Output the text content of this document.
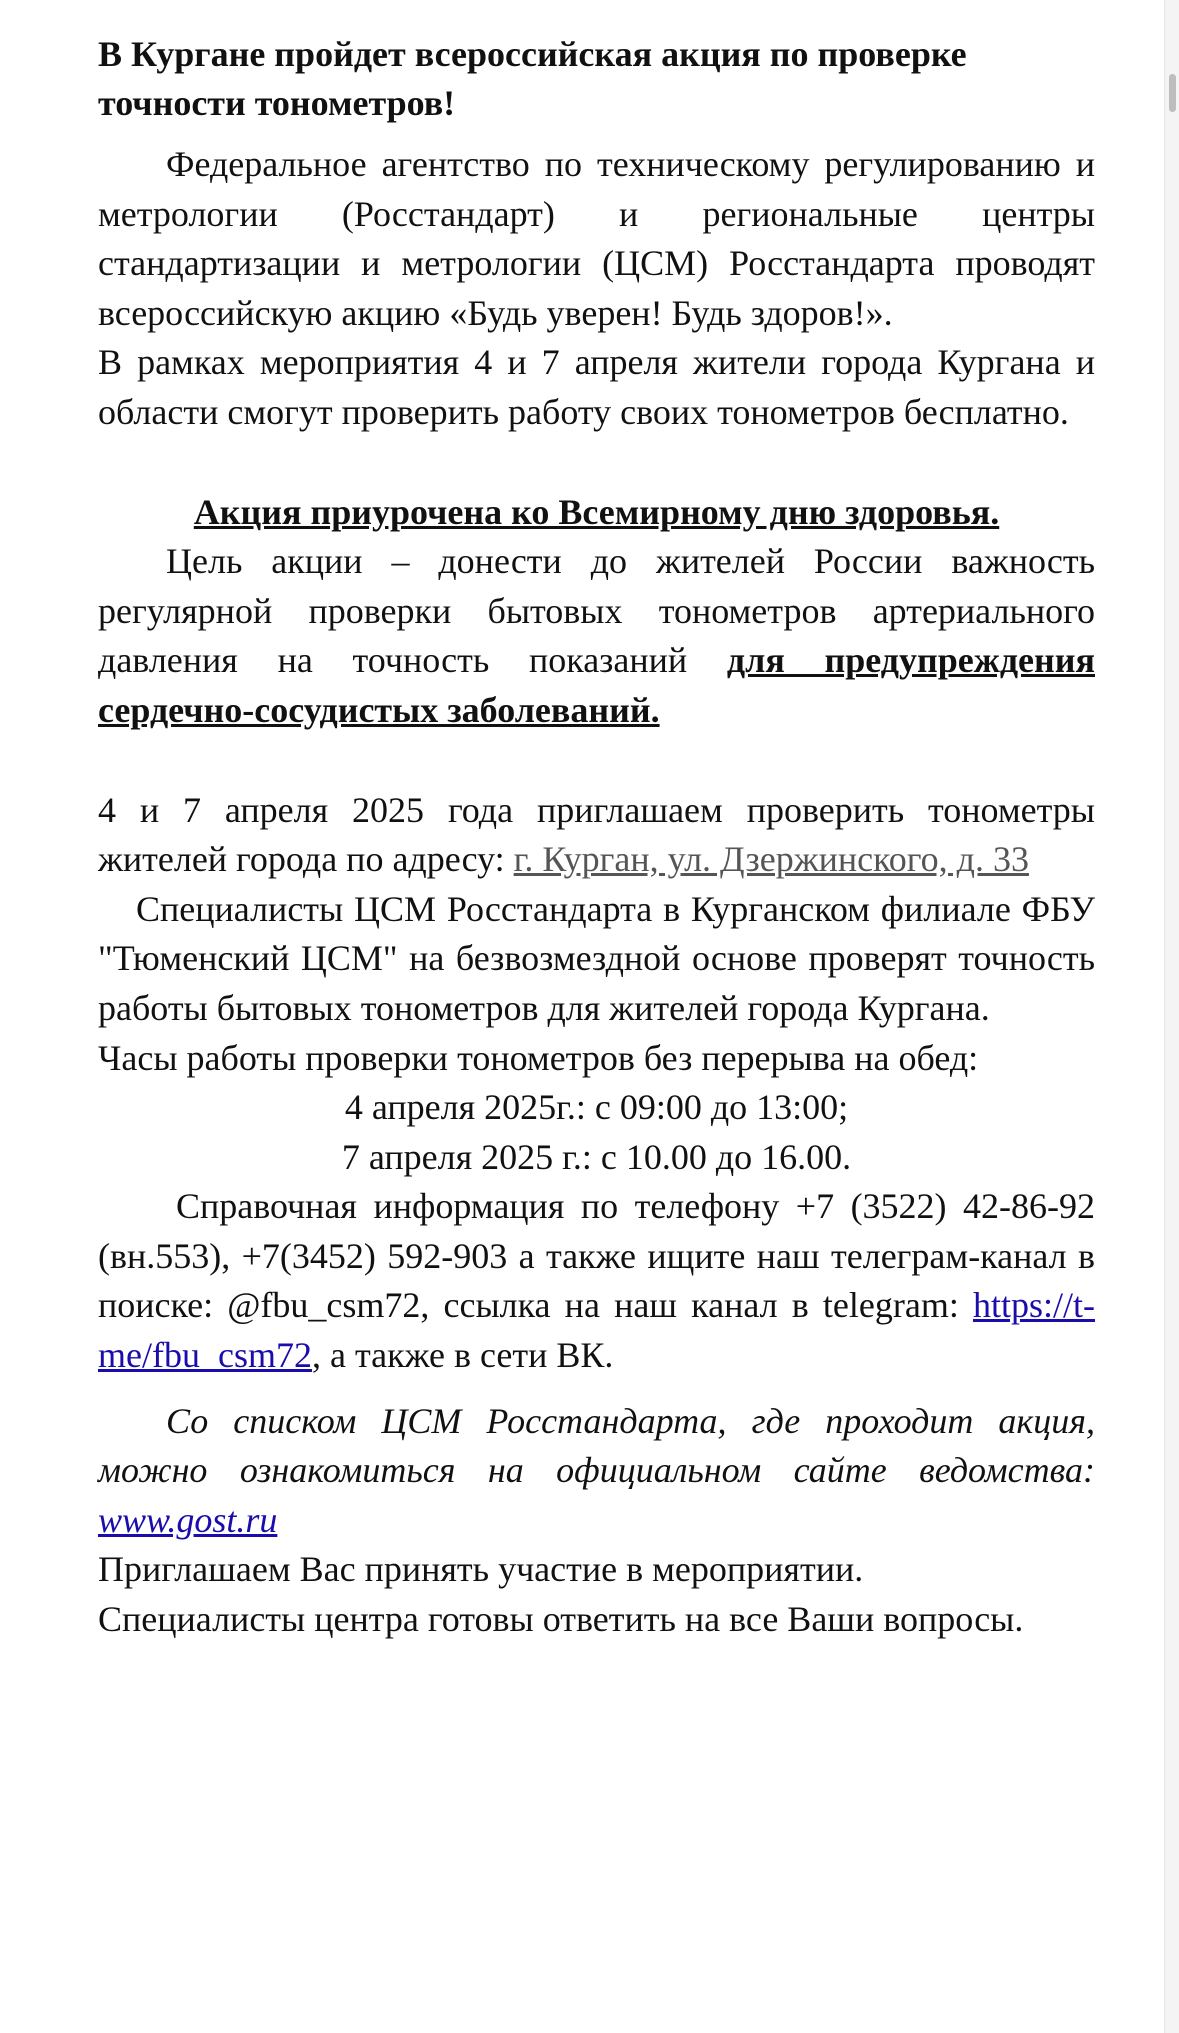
В Кургане пройдет всероссийская акция по проверке точности тонометров!

Федеральное агентство по техническому регулированию и метрологии (Росстандарт) и региональные центры стандартизации и метрологии (ЦСМ) Росстандарта проводят всероссийскую акцию «Будь уверен! Будь здоров!».

В рамках мероприятия 4 и 7 апреля жители города Кургана и области смогут проверить работу своих тонометров бесплатно.

Акция приурочена ко Всемирному дню здоровья.

Цель акции – донести до жителей России важность регулярной проверки бытовых тонометров артериального давления на точность показаний для предупреждения сердечно-сосудистых заболеваний.

4 и 7 апреля 2025 года приглашаем проверить тонометры жителей города по адресу: г. Курган, ул. Дзержинского, д. 33

Специалисты ЦСМ Росстандарта в Курганском филиале ФБУ "Тюменский ЦСМ" на безвозмездной основе проверят точность работы бытовых тонометров для жителей города Кургана.

Часы работы проверки тонометров без перерыва на обед:

4 апреля 2025г.: с 09:00 до 13:00;

7 апреля 2025 г.: с 10.00 до 16.00.

Справочная информация по телефону +7 (3522) 42-86-92 (вн.553), +7(3452) 592-903 а также ищите наш телеграм-канал в поиске: @fbu_csm72, ссылка на наш канал в telegram: https://t-me/fbu_csm72, а также в сети ВК.

Со списком ЦСМ Росстандарта, где проходит акция, можно ознакомиться на официальном сайте ведомства: www.gost.ru

Приглашаем Вас принять участие в мероприятии.

Специалисты центра готовы ответить на все Ваши вопросы.
